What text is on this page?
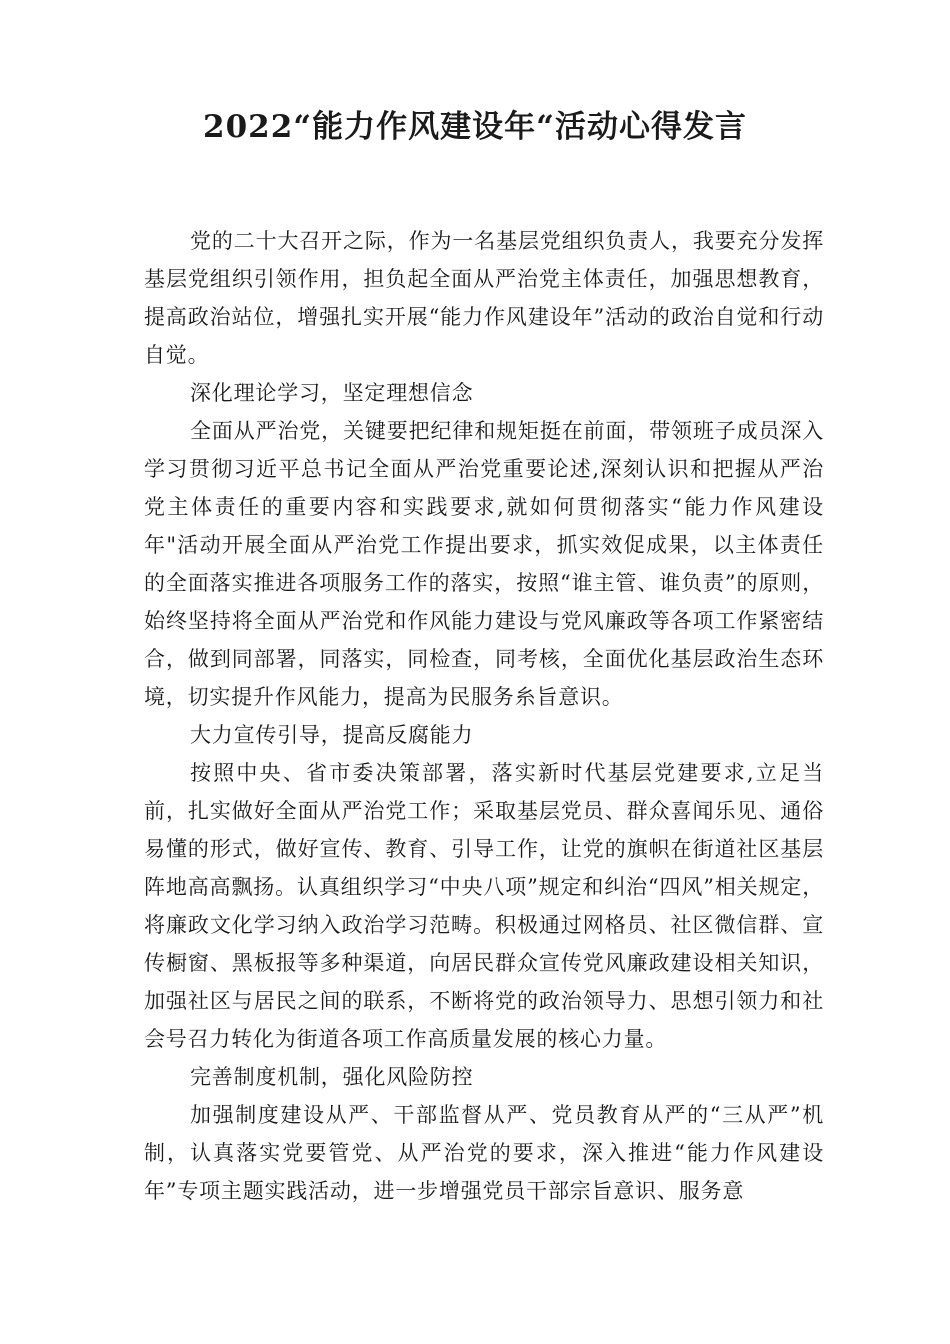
2022“能力作风建设年“活动心得发言

党的二十大召开之际，作为一名基层党组织负责人，我要充分发挥基层党组织引领作用，担负起全面从严治党主体责任，加强思想教育，提高政治站位，增强扎实开展“能力作风建设年”活动的政治自觉和行动自觉。

深化理论学习，坚定理想信念

全面从严治党，关键要把纪律和规矩挺在前面，带领班子成员深入学习贯彻习近平总书记全面从严治党重要论述,深刻认识和把握从严治党主体责任的重要内容和实践要求,就如何贯彻落实“能力作风建设年"活动开展全面从严治党工作提出要求，抓实效促成果，以主体责任的全面落实推进各项服务工作的落实，按照“谁主管、谁负责”的原则，始终坚持将全面从严治党和作风能力建设与党风廉政等各项工作紧密结合，做到同部署，同落实，同检查，同考核，全面优化基层政治生态环境，切实提升作风能力，提高为民服务糸旨意识。

大力宣传引导，提高反腐能力

按照中央、省市委决策部署，落实新时代基层党建要求,立足当前，扎实做好全面从严治党工作；采取基层党员、群众喜闻乐见、通俗易懂的形式，做好宣传、教育、引导工作，让党的旗帜在街道社区基层阵地高高飘扬。认真组织学习“中央八项”规定和纠治“四风”相关规定，将廉政文化学习纳入政治学习范畴。积极通过网格员、社区微信群、宣传橱窗、黑板报等多种渠道，向居民群众宣传党风廉政建设相关知识，加强社区与居民之间的联系，不断将党的政治领导力、思想引领力和社会号召力转化为街道各项工作高质量发展的核心力量。

完善制度机制，强化风险防控

加强制度建设从严、干部监督从严、党员教育从严的“三从严”机制，认真落实党要管党、从严治党的要求，深入推进“能力作风建设年”专项主题实践活动，进一步增强党员干部宗旨意识、服务意
